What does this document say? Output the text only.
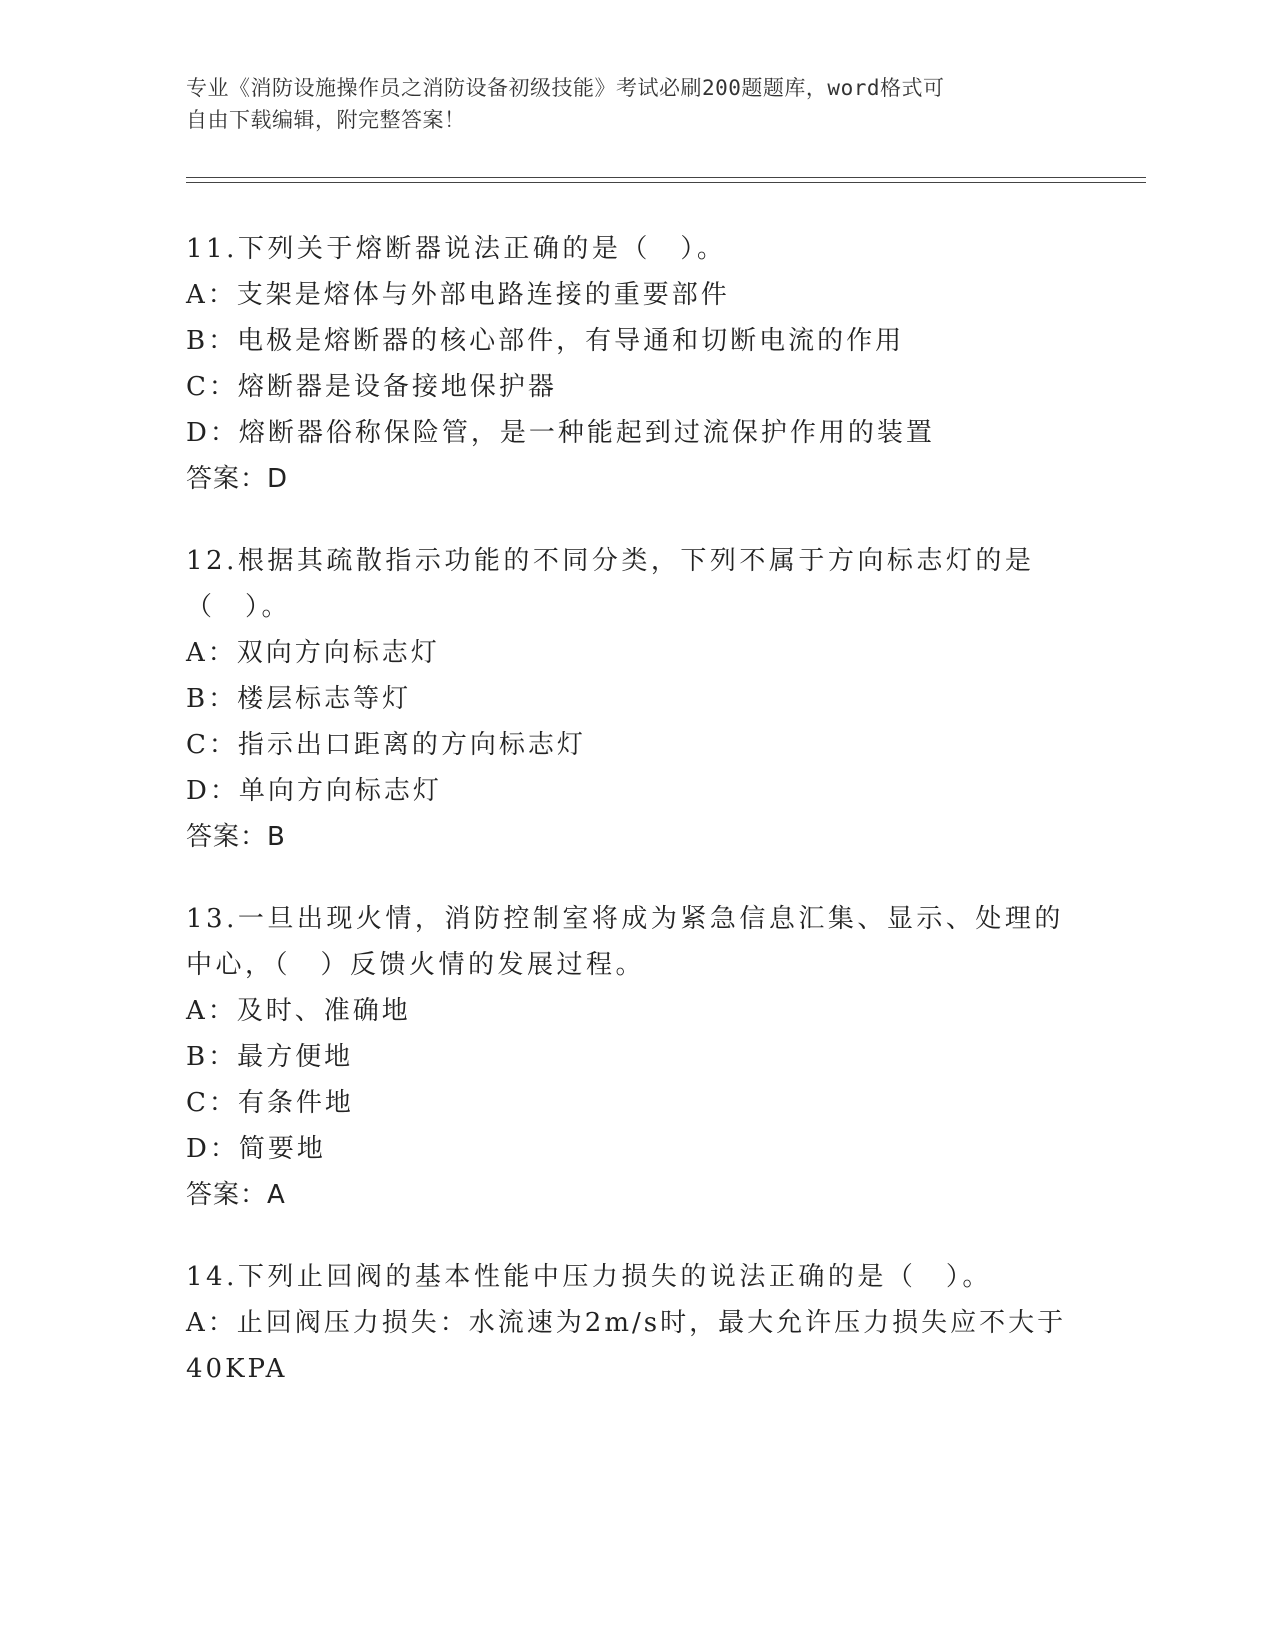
专业《消防设施操作员之消防设备初级技能》考试必刷200题题库，word格式可
自由下载编辑，附完整答案！
11.下列关于熔断器说法正确的是（　）。
A：支架是熔体与外部电路连接的重要部件
B：电极是熔断器的核心部件，有导通和切断电流的作用
C：熔断器是设备接地保护器
D：熔断器俗称保险管，是一种能起到过流保护作用的装置
答案：D
12.根据其疏散指示功能的不同分类，下列不属于方向标志灯的是（　）。
A：双向方向标志灯
B：楼层标志等灯
C：指示出口距离的方向标志灯
D：单向方向标志灯
答案：B
13.一旦出现火情，消防控制室将成为紧急信息汇集、显示、处理的中心，（　）反馈火情的发展过程。
A：及时、准确地
B：最方便地
C：有条件地
D：简要地
答案：A
14.下列止回阀的基本性能中压力损失的说法正确的是（　）。
A：止回阀压力损失：水流速为2m/s时，最大允许压力损失应不大于40KPA
